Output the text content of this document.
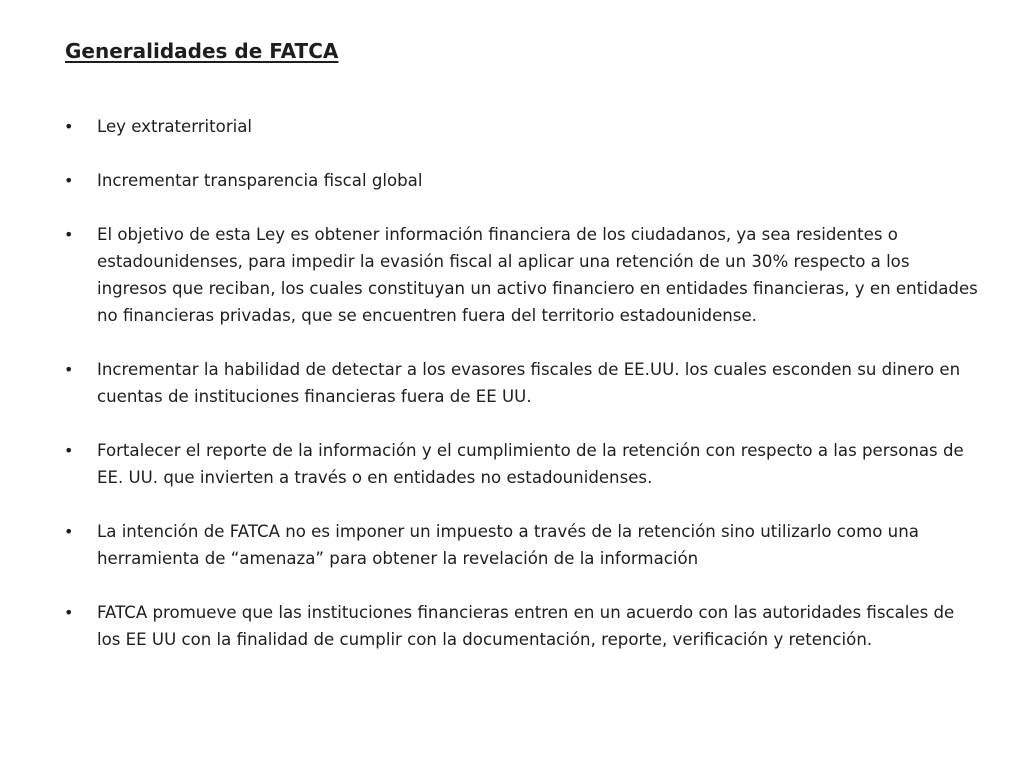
Generalidades de FATCA
• Ley extraterritorial
• Incrementar transparencia fiscal global
• El objetivo de esta Ley es obtener información financiera de los ciudadanos, ya sea residentes o estadounidenses, para impedir la evasión fiscal al aplicar una retención de un 30% respecto a los ingresos que reciban, los cuales constituyan un activo financiero en entidades financieras, y en entidades no financieras privadas, que se encuentren fuera del territorio estadounidense.
• Incrementar la habilidad de detectar a los evasores fiscales de EE.UU. los cuales esconden su dinero en cuentas de instituciones financieras fuera de EE UU.
• Fortalecer el reporte de la información y el cumplimiento de la retención con respecto a las personas de EE. UU. que invierten a través o en entidades no estadounidenses.
• La intención de FATCA no es imponer un impuesto a través de la retención sino utilizarlo como una herramienta de “amenaza” para obtener la revelación de la información
• FATCA promueve que las instituciones financieras entren en un acuerdo con las autoridades fiscales de los EE UU con la finalidad de cumplir con la documentación, reporte, verificación y retención.
